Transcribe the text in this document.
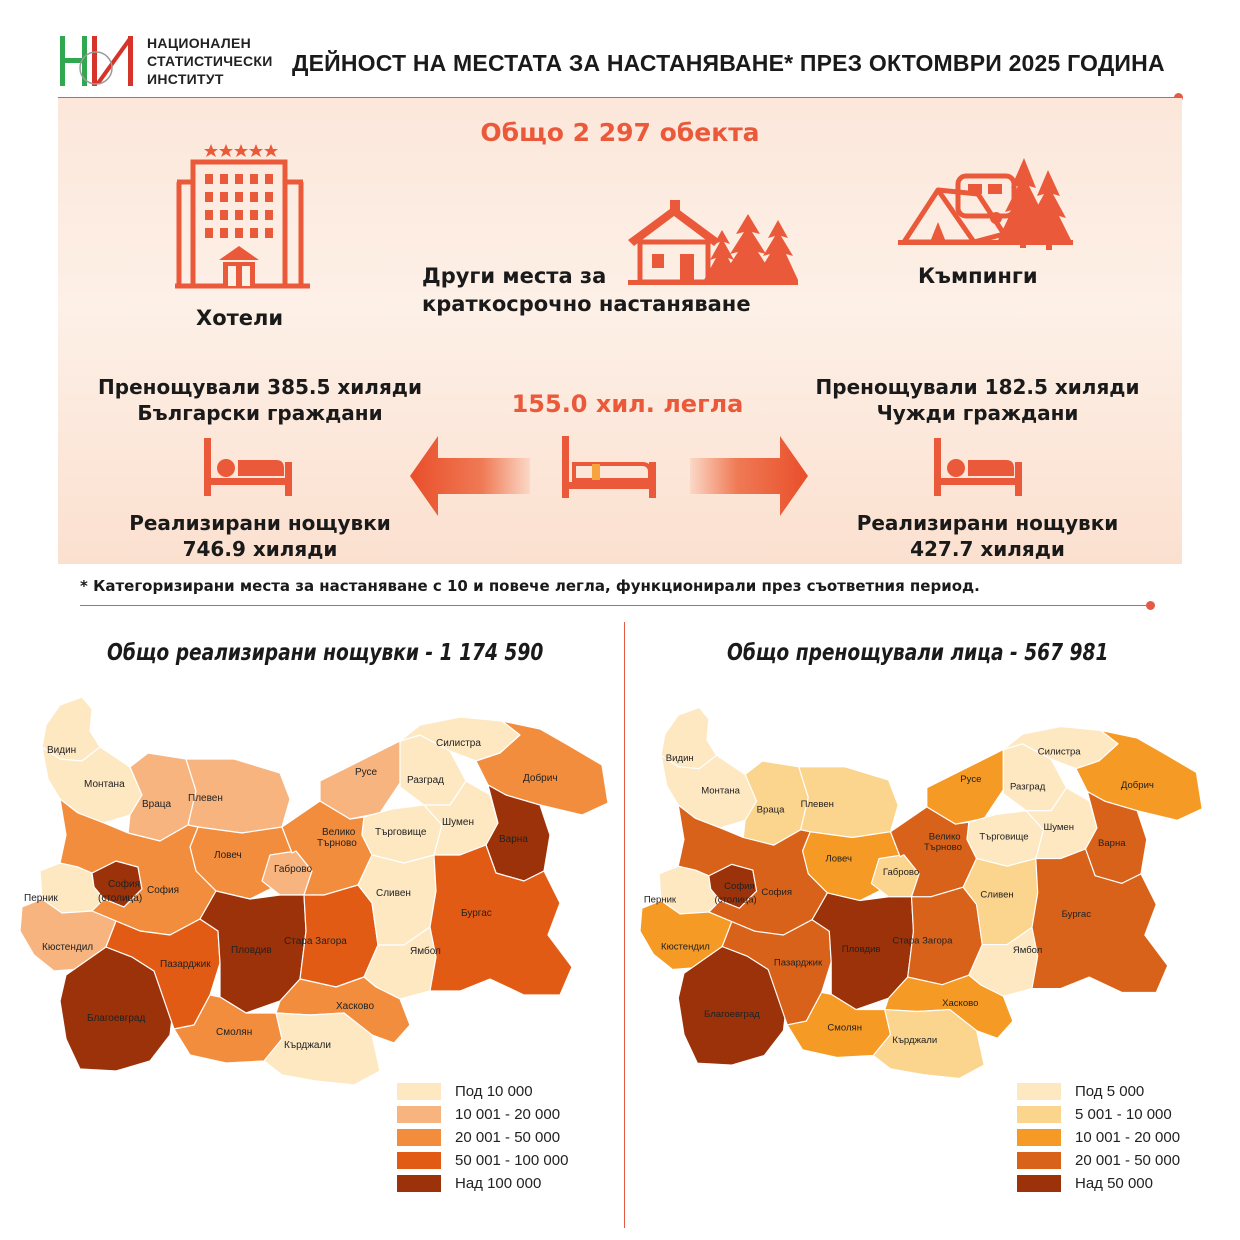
НАЦИОНАЛЕН
СТАТИСТИЧЕСКИ
ИНСТИТУТ
ДЕЙНОСТ НА МЕСТАТА ЗА НАСТАНЯВАНЕ* ПРЕЗ ОКТОМВРИ 2025 ГОДИНА
Общо 2 297 обекта
Хотели
Други места за
краткосрочно настаняване
Къмпинги
Пренощували 385.5 хиляди
Български граждани
Реализирани нощувки
746.9 хиляди
155.0 хил. легла
Пренощували 182.5 хиляди
Чужди граждани
Реализирани нощувки
427.7 хиляди
* Категоризирани места за настаняване с 10 и повече легла, функционирали през съответния период.
Общо реализирани нощувки - 1 174 590	Общо пренощували лица - 567 981
Видин
Монтана
Враца
Плевен
Ловеч
Габрово
Велико Търново
Русе
Разград
Силистра
Търговище
Шумен
Добрич
Варна
Перник
София
София
Кюстендил
Благоевград
Пазарджик
Пловдив
Стара Загора
Сливен
Ямбол
Бургас
Хасково
Смолян
Кърджали
(столица)
Видин
Монтана
Враца
Плевен
Ловеч
Габрово
Велико Търново
Русе
Разград
Силистра
Търговище
Шумен
Добрич
Варна
Перник
София
София
Кюстендил
Благоевград
Пазарджик
Пловдив
Стара Загора
Сливен
Ямбол
Бургас
Хасково
Смолян
Кърджали
(столица)
Под 10 000
10 001 - 20 000
20 001 - 50 000
50 001 - 100 000
Над 100 000
Под 5 000
5 001 - 10 000
10 001 - 20 000
20 001 - 50 000
Над 50 000
